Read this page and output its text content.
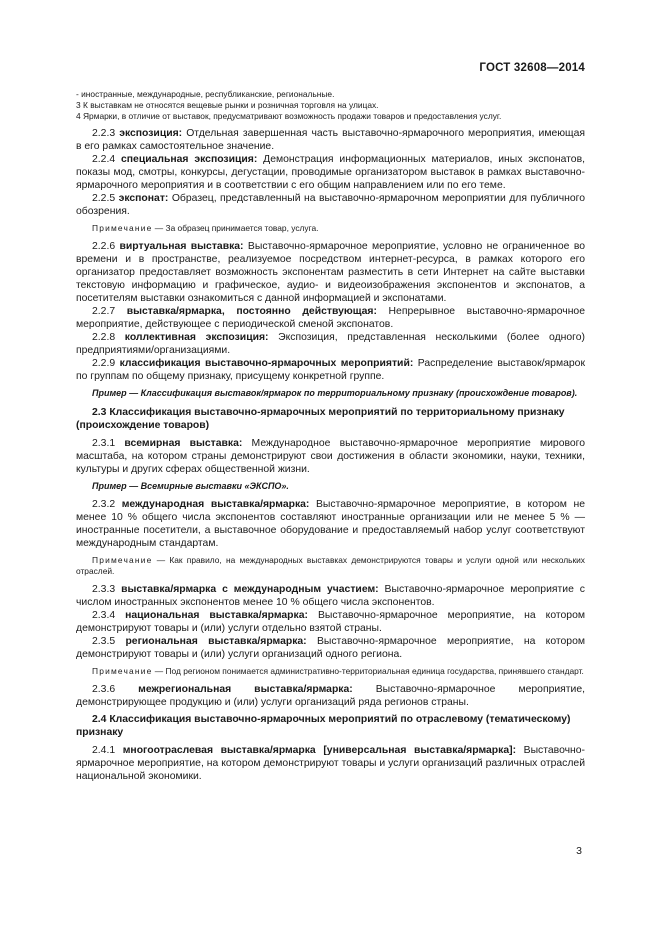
ГОСТ 32608—2014

- иностранные, международные, республиканские, региональные.

3 К выставкам не относятся вещевые рынки и розничная торговля на улицах.

4 Ярмарки, в отличие от выставок, предусматривают возможность продажи товаров и предоставления услуг.

2.2.3 экспозиция: Отдельная завершенная часть выставочно-ярмарочного мероприятия, имеющая в его рамках самостоятельное значение.

2.2.4 специальная экспозиция: Демонстрация информационных материалов, иных экспонатов, показы мод, смотры, конкурсы, дегустации, проводимые организатором выставок в рамках выставочно-ярмарочного мероприятия и в соответствии с его общим направлением или по его теме.

2.2.5 экспонат: Образец, представленный на выставочно-ярмарочном мероприятии для публичного обозрения.

Примечание — За образец принимается товар, услуга.

2.2.6 виртуальная выставка: Выставочно-ярмарочное мероприятие, условно не ограниченное во времени и в пространстве, реализуемое посредством интернет-ресурса, в рамках которого его организатор предоставляет возможность экспонентам разместить в сети Интернет на сайте выставки текстовую информацию и графическое, аудио- и видеоизображения экспонентов и экспонатов, а посетителям выставки ознакомиться с данной информацией и экспонатами.

2.2.7 выставка/ярмарка, постоянно действующая: Непрерывное выставочно-ярмарочное мероприятие, действующее с периодической сменой экспонатов.

2.2.8 коллективная экспозиция: Экспозиция, представленная несколькими (более одного) предприятиями/организациями.

2.2.9 классификация выставочно-ярмарочных мероприятий: Распределение выставок/ярмарок по группам по общему признаку, присущему конкретной группе.

Пример — Классификация выставок/ярмарок по территориальному признаку (происхождение товаров).

2.3 Классификация выставочно-ярмарочных мероприятий по территориальному признаку (происхождение товаров)

2.3.1 всемирная выставка: Международное выставочно-ярмарочное мероприятие мирового масштаба, на котором страны демонстрируют свои достижения в области экономики, науки, техники, культуры и других сферах общественной жизни.

Пример — Всемирные выставки «ЭКСПО».

2.3.2 международная выставка/ярмарка: Выставочно-ярмарочное мероприятие, в котором не менее 10 % общего числа экспонентов составляют иностранные организации или не менее 5 % — иностранные посетители, а выставочное оборудование и предоставляемый набор услуг соответствуют международным стандартам.

Примечание — Как правило, на международных выставках демонстрируются товары и услуги одной или нескольких отраслей.

2.3.3 выставка/ярмарка с международным участием: Выставочно-ярмарочное мероприятие с числом иностранных экспонентов менее 10 % общего числа экспонентов.

2.3.4 национальная выставка/ярмарка: Выставочно-ярмарочное мероприятие, на котором демонстрируют товары и (или) услуги отдельно взятой страны.

2.3.5 региональная выставка/ярмарка: Выставочно-ярмарочное мероприятие, на котором демонстрируют товары и (или) услуги организаций одного региона.

Примечание — Под регионом понимается административно-территориальная единица государства, принявшего стандарт.

2.3.6 межрегиональная выставка/ярмарка: Выставочно-ярмарочное мероприятие, демонстрирующее продукцию и (или) услуги организаций ряда регионов страны.

2.4 Классификация выставочно-ярмарочных мероприятий по отраслевому (тематическому) признаку

2.4.1 многоотраслевая выставка/ярмарка [универсальная выставка/ярмарка]: Выставочно-ярмарочное мероприятие, на котором демонстрируют товары и услуги организаций различных отраслей национальной экономики.

3
